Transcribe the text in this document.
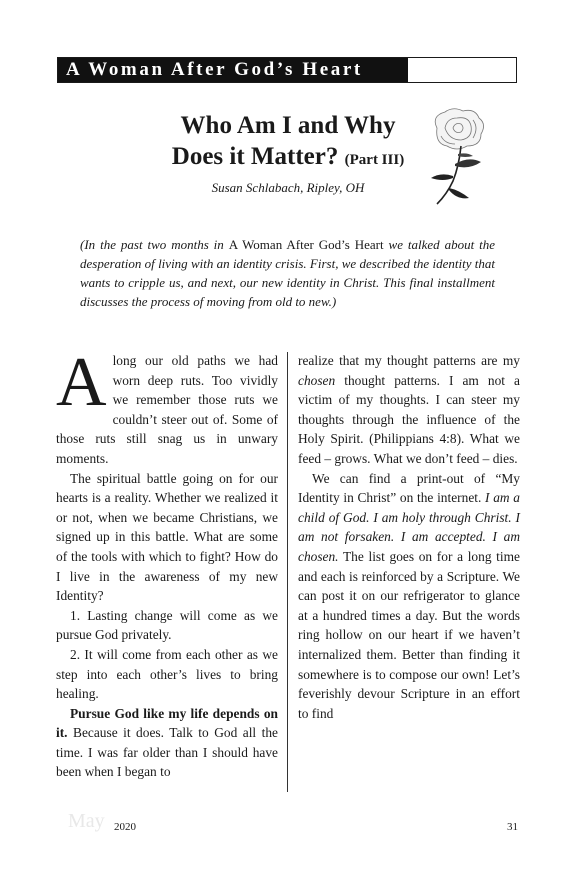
A Woman After God’s Heart
Who Am I and Why
Does it Matter? (Part III)
Susan Schlabach, Ripley, OH

(In the past two months in A Woman After God’s Heart we talked about the desperation of living with an identity crisis. First, we described the identity that wants to cripple us, and next, our new identity in Christ. This final installment discusses the process of moving from old to new.)

Along our old paths we had worn deep ruts. Too vividly we remember those ruts we couldn’t steer out of. Some of those ruts still snag us in unwary moments.

The spiritual battle going on for our hearts is a reality. Whether we realized it or not, when we became Christians, we signed up in this battle. What are some of the tools with which to fight? How do I live in the awareness of my new Identity?

1. Lasting change will come as we pursue God privately.

2. It will come from each other as we step into each other’s lives to bring healing.

Pursue God like my life depends on it. Because it does. Talk to God all the time. I was far older than I should have been when I began to

realize that my thought patterns are my chosen thought patterns. I am not a victim of my thoughts. I can steer my thoughts through the influence of the Holy Spirit. (Philippians 4:8). What we feed – grows. What we don’t feed – dies.

We can find a print-out of “My Identity in Christ” on the internet. I am a child of God. I am holy through Christ. I am not forsaken. I am accepted. I am chosen. The list goes on for a long time and each is reinforced by a Scripture. We can post it on our refrigerator to glance at a hundred times a day. But the words ring hollow on our heart if we haven’t internalized them. Better than finding it somewhere is to compose our own! Let’s feverishly devour Scripture in an effort to find

May 2020	31
